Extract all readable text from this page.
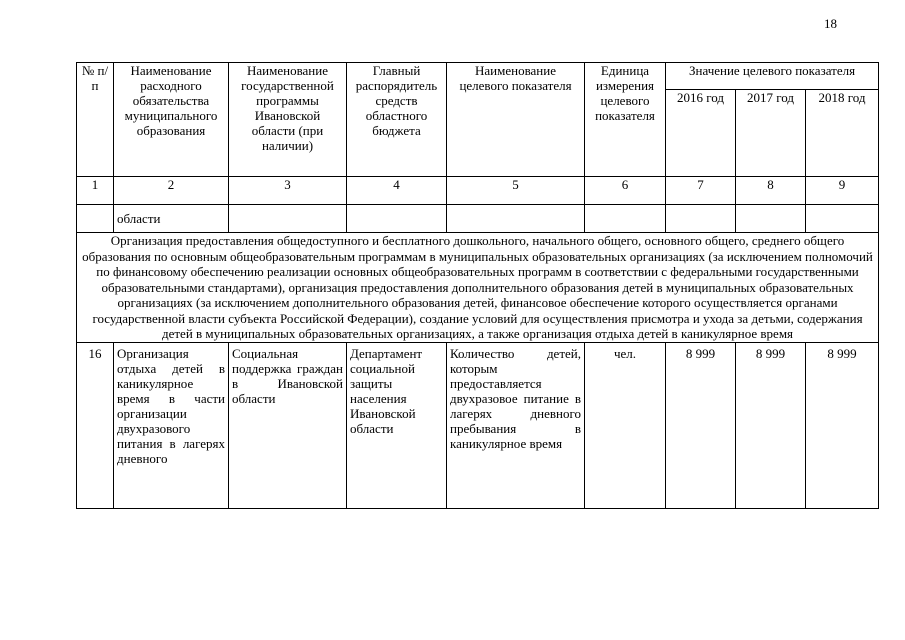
18
№ п/п	Наименование расходного обязательства муниципального образования	Наименование государственной программы Ивановской области (при наличии)	Главный распорядитель средств областного бюджета	Наименование целевого показателя	Единица измерения целевого показателя	Значение целевого показателя		
						2016 год	2017 год	2018 год
1	2	3	4	5	6	7	8	9
	области							
Организация предоставления общедоступного и бесплатного дошкольного, начального общего, основного общего, среднего общего образования по основным общеобразовательным программам в муниципальных образовательных организациях (за исключением полномочий по финансовому обеспечению реализации основных общеобразовательных программ в соответствии с федеральными государственными образовательными стандартами), организация предоставления дополнительного образования детей в муниципальных образовательных организациях (за исключением дополнительного образования детей, финансовое обеспечение которого осуществляется органами государственной власти субъекта Российской Федерации), создание условий для осуществления присмотра и ухода за детьми, содержания детей в муниципальных образовательных организациях, а также организация отдыха детей в каникулярное время								
16	Организация отдыха детей в каникулярное время в части организации двухразового питания в лагерях дневного	Социальная поддержка граждан в Ивановской области	Департамент социальной защиты населения Ивановской области	Количество детей, которым предоставляется двухразовое питание в лагерях дневного пребывания в каникулярное время	чел.	8 999	8 999	8 999
